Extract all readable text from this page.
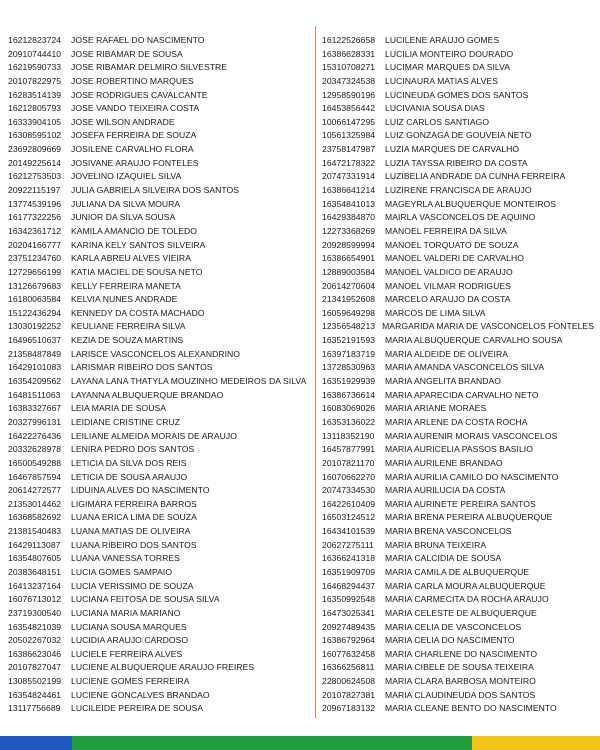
16212823724	JOSE RAFAEL DO NASCIMENTO
20910744410	JOSE RIBAMAR DE SOUSA
16219590733	JOSE RIBAMAR DELMIRO SILVESTRE
20107822975	JOSE ROBERTINO MARQUES
16283514139	JOSE RODRIGUES CAVALCANTE
16212805793	JOSE VANDO TEIXEIRA COSTA
16333904105	JOSE WILSON ANDRADE
16308595102	JOSEFA FERREIRA DE SOUZA
23692809669	JOSILENE CARVALHO FLORA
20149225614	JOSIVANE ARAUJO FONTELES
16212753503	JOVELINO IZAQUIEL SILVA
20922115197	JULIA GABRIELA SILVEIRA DOS SANTOS
13774539196	JULIANA DA SILVA MOURA
16177322256	JUNIOR DA SILVA SOUSA
16342361712	KAMILA AMANCIO DE TOLEDO
20204166777	KARINA KELY SANTOS SILVEIRA
23751234760	KARLA ABREU ALVES VIEIRA
12729656199	KATIA MACIEL DE SOUSA NETO
13126679683	KELLY FERREIRA MANETA
16180063584	KELVIA NUNES ANDRADE
15122436294	KENNEDY DA COSTA MACHADO
13030192252	KEULIANE FERREIRA SILVA
16496510637	KEZIA DE SOUZA MARTINS
21358487849	LARISCE VASCONCELOS ALEXANDRINO
16429101083	LARISMAR RIBEIRO DOS SANTOS
16354209562	LAYANA LANA THATYLA MOUZINHO MEDEIROS DA SILVA
16481511063	LAYANNA ALBUQUERQUE BRANDAO
16383327667	LEIA MARIA DE SOUSA
20327996131	LEIDIANE CRISTINE CRUZ
16422276436	LEILIANE ALMEIDA MORAIS DE ARAUJO
20332628978	LENIRA PEDRO DOS SANTOS
16500549288	LETICIA DA SILVA DOS REIS
16467857594	LETICIA DE SOUSA ARAUJO
20614272577	LIDUINA ALVES DO NASCIMENTO
21353014462	LIGIMARA FERREIRA BARROS
16368582692	LUANA ERICA LIMA DE SOUZA
21381540483	LUANA MATIAS DE OLIVEIRA
16429113087	LUANA RIBEIRO DOS SANTOS
16354807605	LUANA VANESSA TORRES
20383648151	LUCIA GOMES SAMPAIO
16413237164	LUCIA VERISSIMO DE SOUZA
16076713012	LUCIANA FEITOSA DE SOUSA SILVA
23719300540	LUCIANA MARIA MARIANO
16354821039	LUCIANA SOUSA MARQUES
20502267032	LUCIDIA ARAUJO CARDOSO
16386623046	LUCIELE FERREIRA ALVES
20107827047	LUCIENE ALBUQUERQUE ARAUJO FREIRES
13085502199	LUCIENE GOMES FERREIRA
16354824461	LUCIENE GONCALVES BRANDAO
13117756689	LUCILEIDE PEREIRA DE SOUSA
16122526658	LUCILENE ARAUJO GOMES
16386628331	LUCILIA MONTEIRO DOURADO
15310708271	LUCIMAR MARQUES DA SILVA
20347324538	LUCINAURA MATIAS ALVES
12958590196	LUCINEUDA GOMES DOS SANTOS
16453856442	LUCIVANIA SOUSA DIAS
10066147295	LUIZ CARLOS SANTIAGO
10561325984	LUIZ GONZAGA DE GOUVEIA NETO
23758147987	LUZIA MARQUES DE CARVALHO
16472178322	LUZIA TAYSSA RIBEIRO DA COSTA
20747331914	LUZIBELIA ANDRADE DA CUNHA FERREIRA
16386641214	LUZIRENE FRANCISCA DE ARAUJO
16354841013	MAGEYRLA ALBUQUERQUE MONTEIROS
16429384870	MAIRLA VASCONCELOS DE AQUINO
12273368269	MANOEL FERREIRA DA SILVA
20928599994	MANOEL TORQUATO DE SOUZA
16386654901	MANOEL VALDERI DE CARVALHO
12889003584	MANOEL VALDICO DE ARAUJO
20614270604	MANOEL VILMAR RODRIGUES
21341952608	MARCELO ARAUJO DA COSTA
16059649298	MARCOS DE LIMA SILVA
12356548213 MARGARIDA MARIA DE VASCONCELOS FONTELES
16352191593	MARIA ALBUQUERQUE CARVALHO SOUSA
16397183719	MARIA ALDEIDE DE OLIVEIRA
13728530963	MARIA AMANDA VASCONCELOS SILVA
16351929939	MARIA ANGELITA BRANDAO
16386736614	MARIA APARECIDA CARVALHO NETO
16083069026	MARIA ARIANE MORAES
16353136022	MARIA ARLENE DA COSTA ROCHA
13118352190	MARIA AURENIR MORAIS VASCONCELOS
16457877991	MARIA AURICELIA PASSOS BASILIO
20107821170	MARIA AURILENE BRANDAO
16070662270	MARIA AURILIA CAMILO DO NASCIMENTO
20747334530	MARIA AURILUCIA DA COSTA
16422610409	MARIA AURINETE PEREIRA SANTOS
16503124512	MARIA BRENA PEREIRA ALBUQUERQUE
16434101539	MARIA BRENA VASCONCELOS
20627275111	MARIA BRUNA TEIXEIRA
16366241318	MARIA CALCIDIA DE SOUSA
16351909709	MARIA CAMILA DE ALBUQUERQUE
16468294437	MARIA CARLA MOURA ALBUQUERQUE
16350992548	MARIA CARMECITA DA ROCHA ARAUJO
16473025341	MARIA CELESTE DE ALBUQUERQUE
20927489435	MARIA CELIA DE VASCONCELOS
16386792964	MARIA CELIA DO NASCIMENTO
16077632458	MARIA CHARLENE DO NASCIMENTO
16366256811	MARIA CIBELE DE SOUSA TEIXEIRA
22800624508	MARIA CLARA BARBOSA MONTEIRO
20107827381	MARIA CLAUDINEUDA DOS SANTOS
20967183132	MARIA CLEANE BENTO DO NASCIMENTO
